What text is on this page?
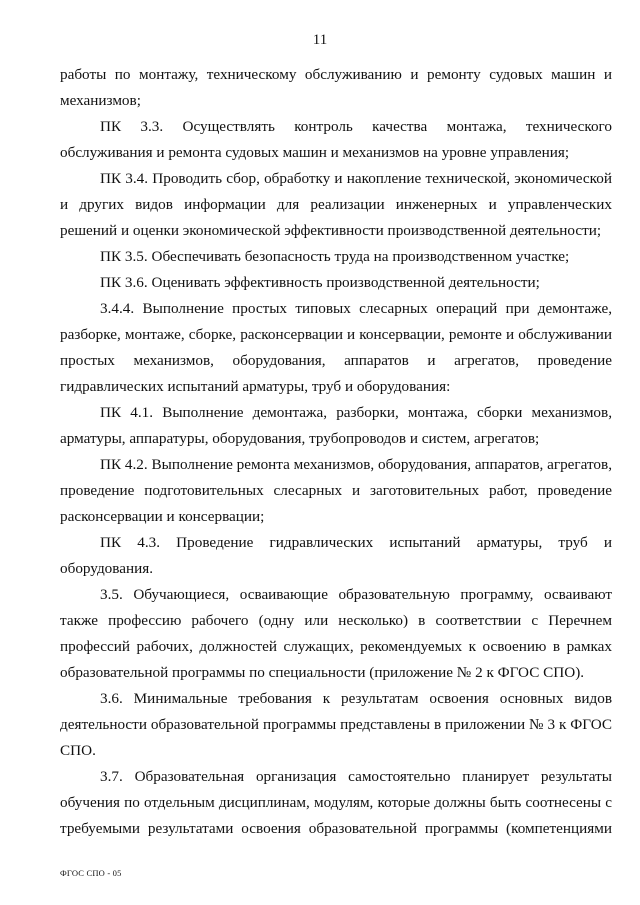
11

работы по монтажу, техническому обслуживанию и ремонту судовых машин и механизмов;

ПК 3.3. Осуществлять контроль качества монтажа, технического обслуживания и ремонта судовых машин и механизмов на уровне управления;

ПК 3.4. Проводить сбор, обработку и накопление технической, экономической и других видов информации для реализации инженерных и управленческих решений и оценки экономической эффективности производственной деятельности;

ПК 3.5. Обеспечивать безопасность труда на производственном участке;

ПК 3.6. Оценивать эффективность производственной деятельности;

3.4.4. Выполнение простых типовых слесарных операций при демонтаже, разборке, монтаже, сборке, расконсервации и консервации, ремонте и обслуживании простых механизмов, оборудования, аппаратов и агрегатов, проведение гидравлических испытаний арматуры, труб и оборудования:

ПК 4.1. Выполнение демонтажа, разборки, монтажа, сборки механизмов, арматуры, аппаратуры, оборудования, трубопроводов и систем, агрегатов;

ПК 4.2. Выполнение ремонта механизмов, оборудования, аппаратов, агрегатов, проведение подготовительных слесарных и заготовительных работ, проведение расконсервации и консервации;

ПК 4.3. Проведение гидравлических испытаний арматуры, труб и оборудования.

3.5. Обучающиеся, осваивающие образовательную программу, осваивают также профессию рабочего (одну или несколько) в соответствии с Перечнем профессий рабочих, должностей служащих, рекомендуемых к освоению в рамках образовательной программы по специальности (приложение № 2 к ФГОС СПО).

3.6. Минимальные требования к результатам освоения основных видов деятельности образовательной программы представлены в приложении № 3 к ФГОС СПО.

3.7. Образовательная организация самостоятельно планирует результаты обучения по отдельным дисциплинам, модулям, которые должны быть соотнесены с требуемыми результатами освоения образовательной программы (компетенциями

ФГОС СПО - 05
